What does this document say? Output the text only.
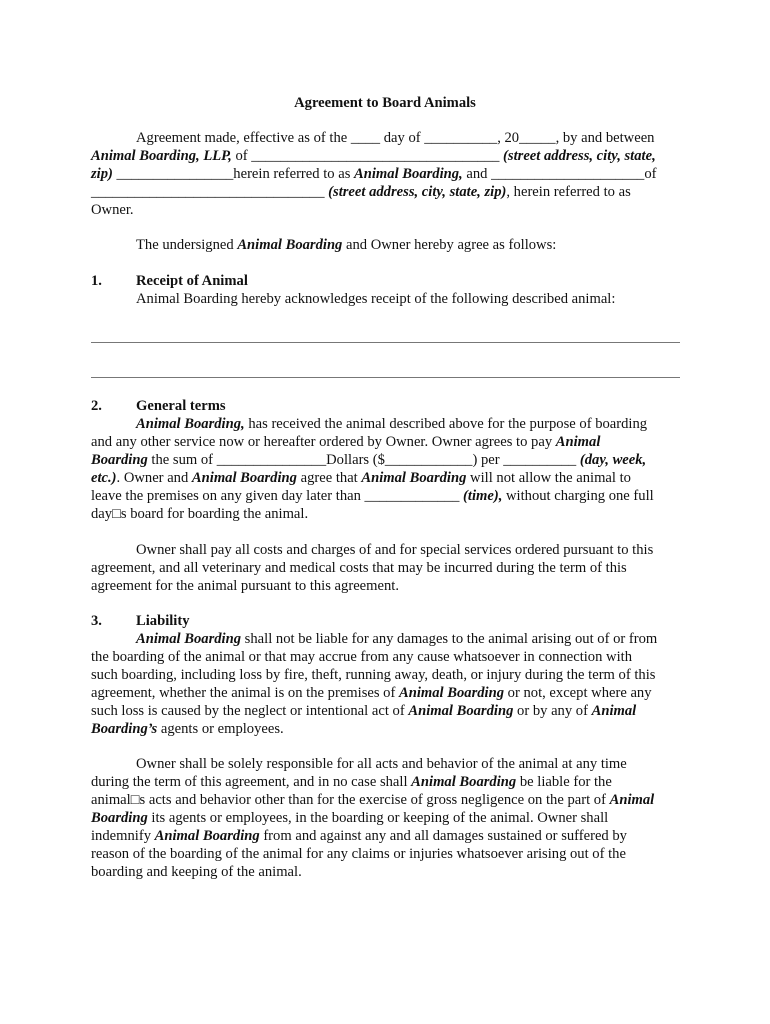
Agreement to Board Animals
Agreement made, effective as of the ____ day of __________, 20_____, by and between
Animal Boarding, LLP, of __________________________________ (street address, city, state,
zip) ________________herein referred to as Animal Boarding, and _____________________of
________________________________ (street address, city, state, zip), herein referred to as
Owner.
The undersigned Animal Boarding and Owner hereby agree as follows:
1. Receipt of Animal
Animal Boarding hereby acknowledges receipt of the following described animal:
2. General terms
Animal Boarding, has received the animal described above for the purpose of boarding
and any other service now or hereafter ordered by Owner. Owner agrees to pay Animal
Boarding the sum of _______________Dollars ($____________) per __________ (day, week,
etc.). Owner and Animal Boarding agree that Animal Boarding will not allow the animal to
leave the premises on any given day later than _____________ (time), without charging one full
day□s board for boarding the animal.
Owner shall pay all costs and charges of and for special services ordered pursuant to this
agreement, and all veterinary and medical costs that may be incurred during the term of this
agreement for the animal pursuant to this agreement.
3. Liability
Animal Boarding shall not be liable for any damages to the animal arising out of or from
the boarding of the animal or that may accrue from any cause whatsoever in connection with
such boarding, including loss by fire, theft, running away, death, or injury during the term of this
agreement, whether the animal is on the premises of Animal Boarding or not, except where any
such loss is caused by the neglect or intentional act of Animal Boarding or by any of Animal
Boarding’s agents or employees.
Owner shall be solely responsible for all acts and behavior of the animal at any time
during the term of this agreement, and in no case shall Animal Boarding be liable for the
animal□s acts and behavior other than for the exercise of gross negligence on the part of Animal
Boarding its agents or employees, in the boarding or keeping of the animal. Owner shall
indemnify Animal Boarding from and against any and all damages sustained or suffered by
reason of the boarding of the animal for any claims or injuries whatsoever arising out of the
boarding and keeping of the animal.
